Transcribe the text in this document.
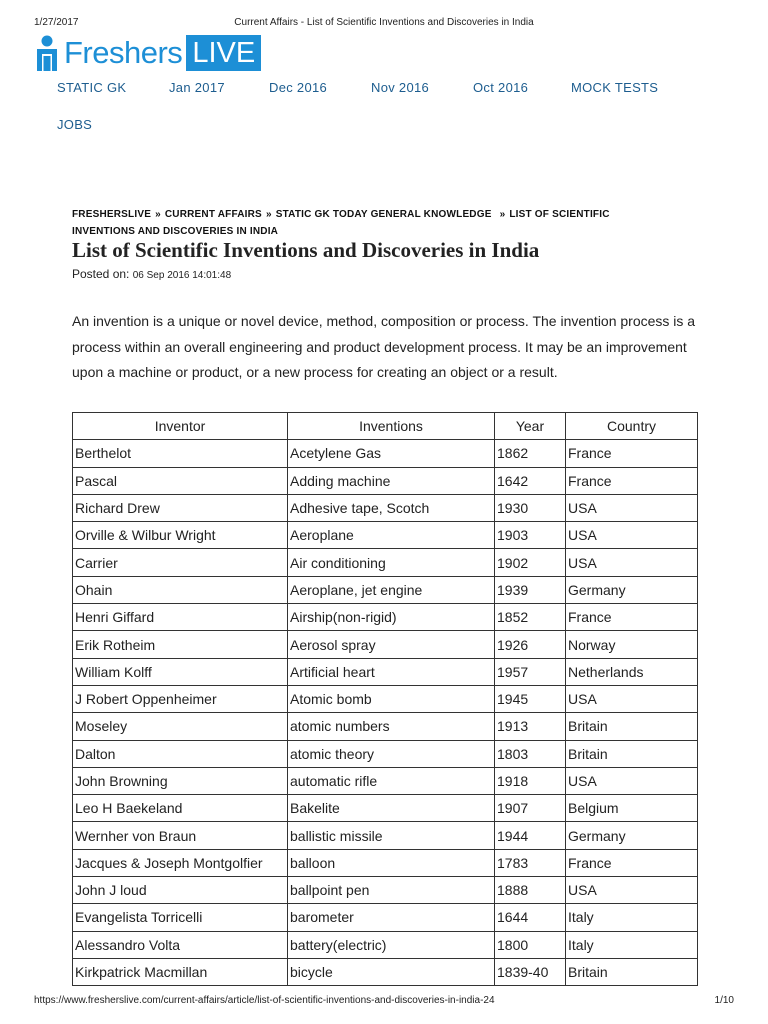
1/27/2017	Current Affairs - List of Scientific Inventions and Discoveries in India
Freshers LIVE
STATIC GK	Jan 2017	Dec 2016	Nov 2016	Oct 2016	MOCK TESTS
JOBS
FRESHERSLIVE » CURRENT AFFAIRS » STATIC GK TODAY GENERAL KNOWLEDGE » LIST OF SCIENTIFIC INVENTIONS AND DISCOVERIES IN INDIA
List of Scientific Inventions and Discoveries in India
Posted on: 06 Sep 2016 14:01:48

An invention is a unique or novel device, method, composition or process. The invention process is a process within an overall engineering and product development process. It may be an improvement upon a machine or product, or a new process for creating an object or a result.

Inventor	Inventions	Year	Country
Berthelot	Acetylene Gas	1862	France
Pascal	Adding machine	1642	France
Richard Drew	Adhesive tape, Scotch	1930	USA
Orville & Wilbur Wright	Aeroplane	1903	USA
Carrier	Air conditioning	1902	USA
Ohain	Aeroplane, jet engine	1939	Germany
Henri Giffard	Airship(non-rigid)	1852	France
Erik Rotheim	Aerosol spray	1926	Norway
William Kolff	Artificial heart	1957	Netherlands
J Robert Oppenheimer	Atomic bomb	1945	USA
Moseley	atomic numbers	1913	Britain
Dalton	atomic theory	1803	Britain
John Browning	automatic rifle	1918	USA
Leo H Baekeland	Bakelite	1907	Belgium
Wernher von Braun	ballistic missile	1944	Germany
Jacques & Joseph Montgolfier	balloon	1783	France
John J loud	ballpoint pen	1888	USA
Evangelista Torricelli	barometer	1644	Italy
Alessandro Volta	battery(electric)	1800	Italy
Kirkpatrick Macmillan	bicycle	1839-40	Britain
https://www.fresherslive.com/current-affairs/article/list-of-scientific-inventions-and-discoveries-in-india-24	1/10
